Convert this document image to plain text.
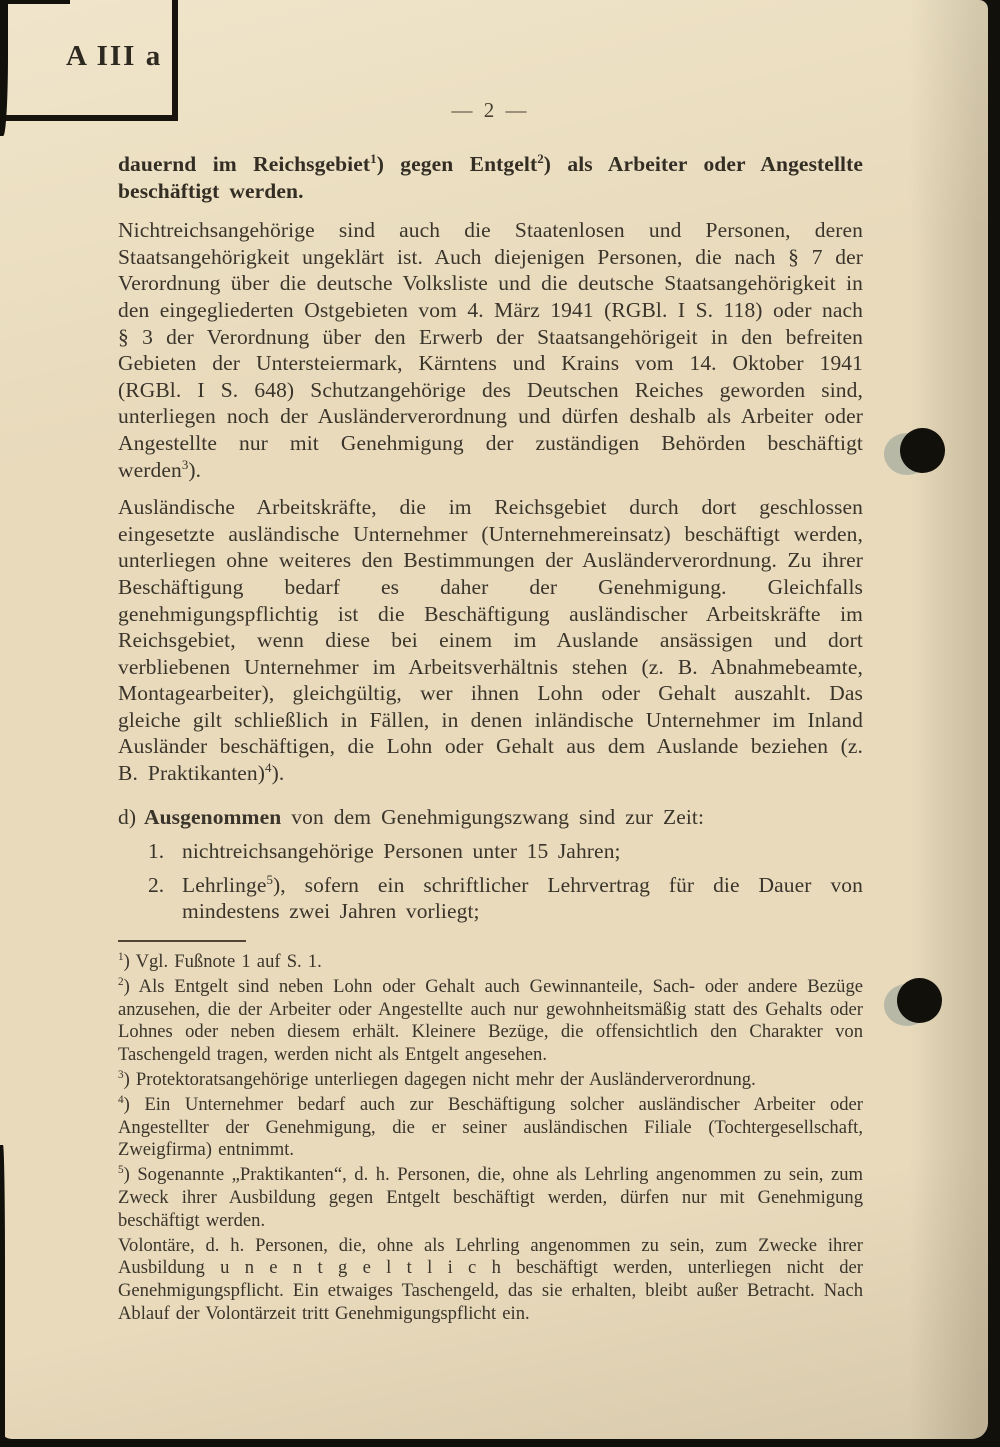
A III a
— 2 —

dauernd im Reichsgebiet$^1$) gegen Entgelt$^2$) als Arbeiter oder Angestellte beschäftigt werden.

Nichtreichsangehörige sind auch die Staatenlosen und Personen, deren Staatsangehörigkeit ungeklärt ist. Auch diejenigen Personen, die nach § 7 der Verordnung über die deutsche Volksliste und die deutsche Staatsangehörigkeit in den eingegliederten Ostgebieten vom 4. März 1941 (RGBl. I S. 118) oder nach § 3 der Verordnung über den Erwerb der Staatsangehörigeit in den befreiten Gebieten der Untersteiermark, Kärntens und Krains vom 14. Oktober 1941 (RGBl. I S. 648) Schutzangehörige des Deutschen Reiches geworden sind, unterliegen noch der Ausländerverordnung und dürfen deshalb als Arbeiter oder Angestellte nur mit Genehmigung der zuständigen Behörden beschäftigt werden$^3$).

Ausländische Arbeitskräfte, die im Reichsgebiet durch dort geschlossen eingesetzte ausländische Unternehmer (Unternehmereinsatz) beschäftigt werden, unterliegen ohne weiteres den Bestimmungen der Ausländerverordnung. Zu ihrer Beschäftigung bedarf es daher der Genehmigung. Gleichfalls genehmigungspflichtig ist die Beschäftigung ausländischer Arbeitskräfte im Reichsgebiet, wenn diese bei einem im Auslande ansässigen und dort verbliebenen Unternehmer im Arbeitsverhältnis stehen (z. B. Abnahmebeamte, Montagearbeiter), gleichgültig, wer ihnen Lohn oder Gehalt auszahlt. Das gleiche gilt schließlich in Fällen, in denen inländische Unternehmer im Inland Ausländer beschäftigen, die Lohn oder Gehalt aus dem Auslande beziehen (z. B. Praktikanten)$^4$).

d) Ausgenommen von dem Genehmigungszwang sind zur Zeit:

1. nichtreichsangehörige Personen unter 15 Jahren;
2. Lehrlinge$^5$), sofern ein schriftlicher Lehrvertrag für die Dauer von mindestens zwei Jahren vorliegt;

$^1$) Vgl. Fußnote 1 auf S. 1.

$^2$) Als Entgelt sind neben Lohn oder Gehalt auch Gewinnanteile, Sach- oder andere Bezüge anzusehen, die der Arbeiter oder Angestellte auch nur gewohnheitsmäßig statt des Gehalts oder Lohnes oder neben diesem erhält. Kleinere Bezüge, die offensichtlich den Charakter von Taschengeld tragen, werden nicht als Entgelt angesehen.

$^3$) Protektoratsangehörige unterliegen dagegen nicht mehr der Ausländerverordnung.

$^4$) Ein Unternehmer bedarf auch zur Beschäftigung solcher ausländischer Arbeiter oder Angestellter der Genehmigung, die er seiner ausländischen Filiale (Tochtergesellschaft, Zweigfirma) entnimmt.

$^5$) Sogenannte „Praktikanten“, d. h. Personen, die, ohne als Lehrling angenommen zu sein, zum Zweck ihrer Ausbildung gegen Entgelt beschäftigt werden, dürfen nur mit Genehmigung beschäftigt werden.

Volontäre, d. h. Personen, die, ohne als Lehrling angenommen zu sein, zum Zwecke ihrer Ausbildung u n e n t g e l t l i c h beschäftigt werden, unterliegen nicht der Genehmigungspflicht. Ein etwaiges Taschengeld, das sie erhalten, bleibt außer Betracht. Nach Ablauf der Volontärzeit tritt Genehmigungspflicht ein.
